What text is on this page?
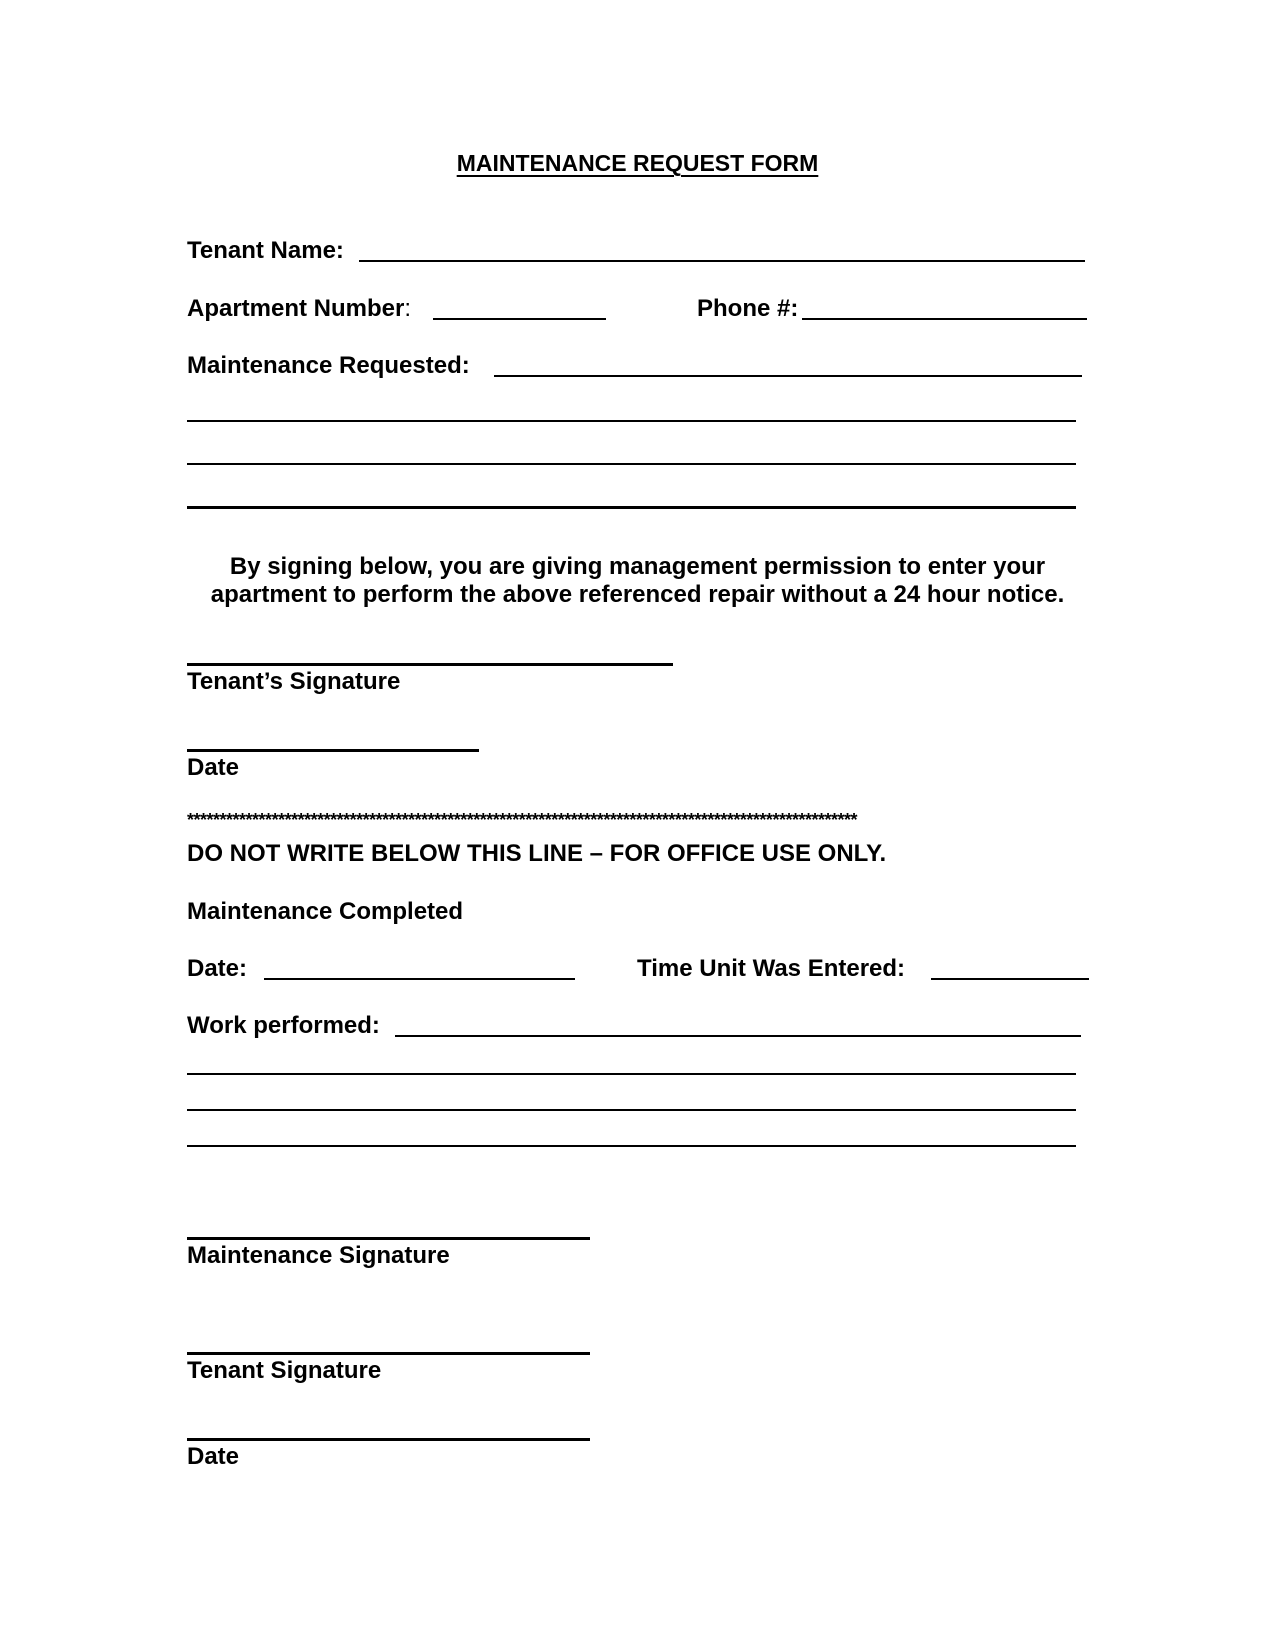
MAINTENANCE REQUEST FORM
Tenant Name:
Apartment Number:	Phone #:
Maintenance Requested:
By signing below, you are giving management permission to enter your
apartment to perform the above referenced repair without a 24 hour notice.
Tenant’s Signature
Date
*******************************************************************************************************
DO NOT WRITE BELOW THIS LINE – FOR OFFICE USE ONLY.
Maintenance Completed
Date:	Time Unit Was Entered:
Work performed:
Maintenance Signature
Tenant Signature
Date
